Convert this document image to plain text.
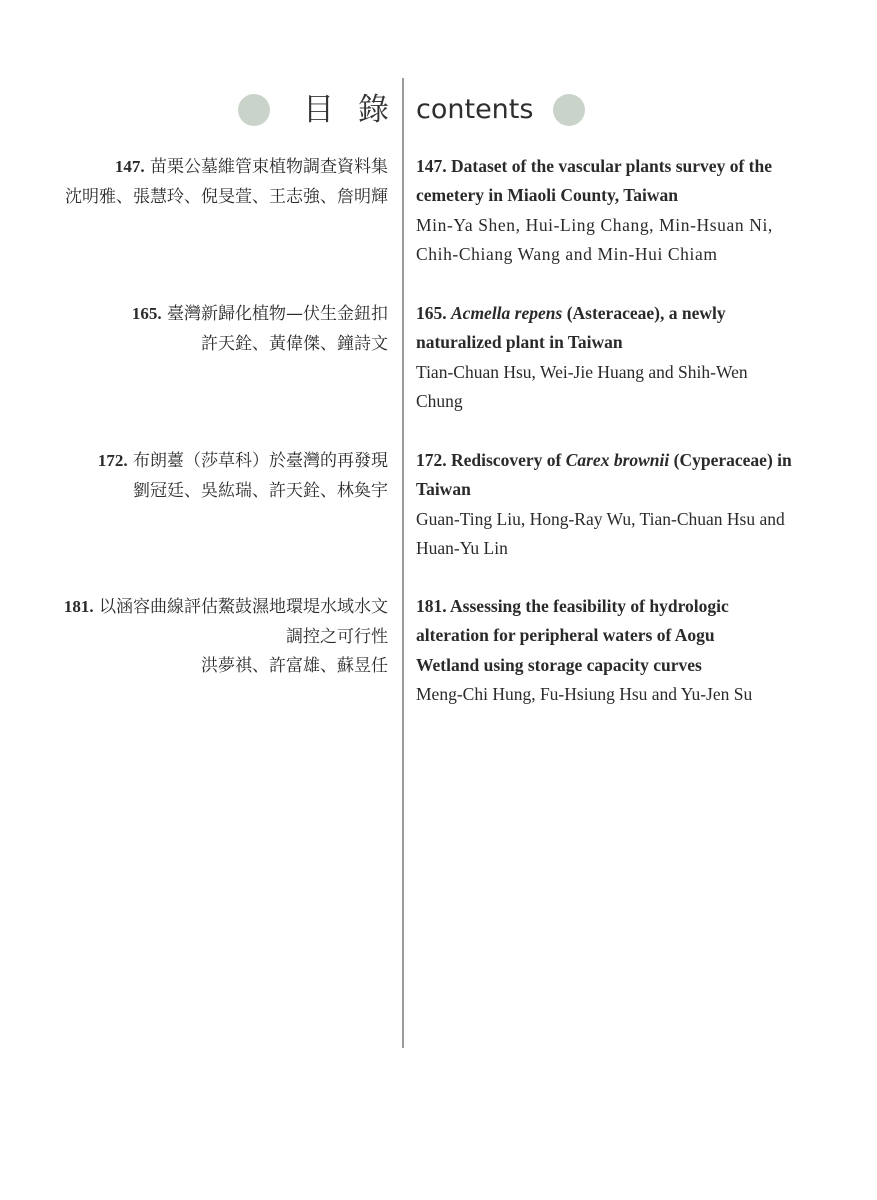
目錄 contents
147. 苗栗公墓維管束植物調查資料集
沈明雅、張慧玲、倪旻萱、王志強、詹明輝
147. Dataset of the vascular plants survey of the cemetery in Miaoli County, Taiwan
Min-Ya Shen, Hui-Ling Chang, Min-Hsuan Ni, Chih-Chiang Wang and Min-Hui Chiam
165. 臺灣新歸化植物—伏生金鈕扣
許天銓、黃偉傑、鐘詩文
165. Acmella repens (Asteraceae), a newly naturalized plant in Taiwan
Tian-Chuan Hsu, Wei-Jie Huang and Shih-Wen Chung
172. 布朗薹（莎草科）於臺灣的再發現
劉冠廷、吳紘瑞、許天銓、林奐宇
172. Rediscovery of Carex brownii (Cyperaceae) in Taiwan
Guan-Ting Liu, Hong-Ray Wu, Tian-Chuan Hsu and Huan-Yu Lin
181. 以涵容曲線評估鰲鼓濕地環堤水域水文
調控之可行性
洪夢祺、許富雄、蘇昱任
181. Assessing the feasibility of hydrologic alteration for peripheral waters of Aogu Wetland using storage capacity curves
Meng-Chi Hung, Fu-Hsiung Hsu and Yu-Jen Su
